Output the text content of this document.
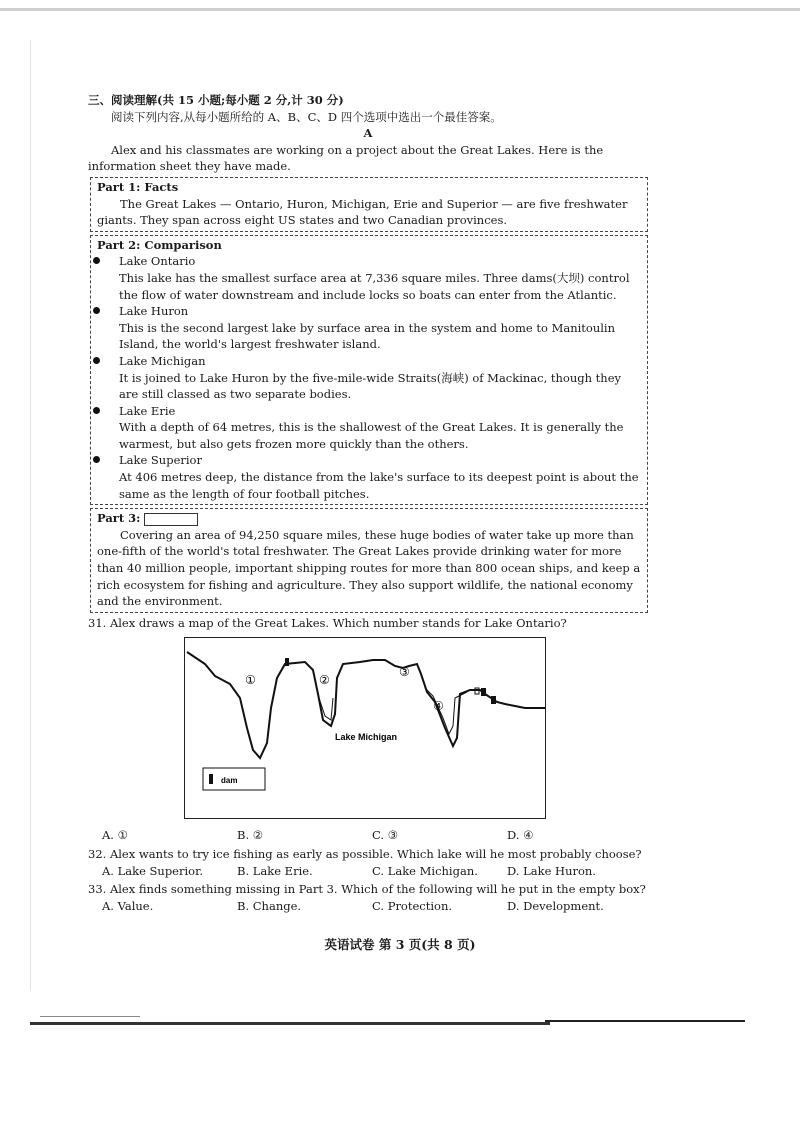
三、阅读理解(共 15 小题;每小题 2 分,计 30 分)
阅读下列内容,从每小题所给的 A、B、C、D 四个选项中选出一个最佳答案。
A
Alex and his classmates are working on a project about the Great Lakes. Here is the information sheet they have made.
Part 1: Facts
The Great Lakes — Ontario, Huron, Michigan, Erie and Superior — are five freshwater giants. They span across eight US states and two Canadian provinces.
Part 2: Comparison
Lake Ontario
This lake has the smallest surface area at 7,336 square miles. Three dams(大坝) control the flow of water downstream and include locks so boats can enter from the Atlantic.
Lake Huron
This is the second largest lake by surface area in the system and home to Manitoulin Island, the world's largest freshwater island.
Lake Michigan
It is joined to Lake Huron by the five-mile-wide Straits(海峡) of Mackinac, though they are still classed as two separate bodies.
Lake Erie
With a depth of 64 metres, this is the shallowest of the Great Lakes. It is generally the warmest, but also gets frozen more quickly than the others.
Lake Superior
At 406 metres deep, the distance from the lake's surface to its deepest point is about the same as the length of four football pitches.
Part 3:
Covering an area of 94,250 square miles, these huge bodies of water take up more than one-fifth of the world's total freshwater. The Great Lakes provide drinking water for more than 40 million people, important shipping routes for more than 800 ocean ships, and keep a rich ecosystem for fishing and agriculture. They also support wildlife, the national economy and the environment.
31. Alex draws a map of the Great Lakes. Which number stands for Lake Ontario?
①	②
③
④
Lake Michigan
dam
A. ①	B. ②	C. ③	D. ④
32. Alex wants to try ice fishing as early as possible. Which lake will he most probably choose?
A. Lake Superior.	B. Lake Erie.	C. Lake Michigan.	D. Lake Huron.
33. Alex finds something missing in Part 3. Which of the following will he put in the empty box?
A. Value.	B. Change.	C. Protection.	D. Development.
英语试卷 第 3 页(共 8 页)
